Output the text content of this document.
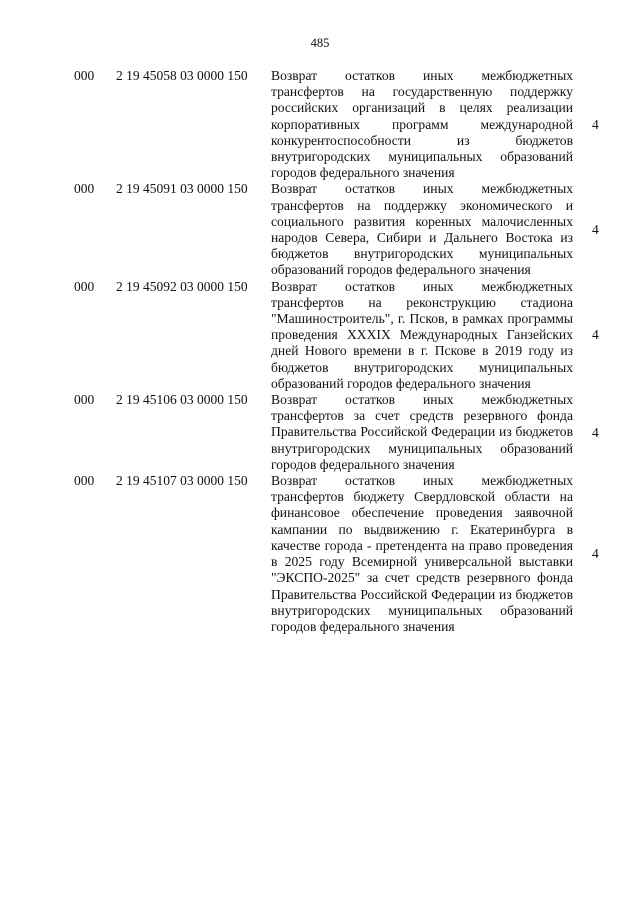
485
000 2 19 45058 03 0000 150 Возврат остатков иных межбюджетных трансфертов на государственную поддержку российских организаций в целях реализации корпоративных программ международной конкурентоспособности из бюджетов внутригородских муниципальных образований городов федерального значения
4
000 2 19 45091 03 0000 150 Возврат остатков иных межбюджетных трансфертов на поддержку экономического и социального развития коренных малочисленных народов Севера, Сибири и Дальнего Востока из бюджетов внутригородских муниципальных образований городов федерального значения
4
000 2 19 45092 03 0000 150 Возврат остатков иных межбюджетных трансфертов на реконструкцию стадиона "Машиностроитель", г. Псков, в рамках программы проведения XXXIX Международных Ганзейских дней Нового времени в г. Пскове в 2019 году из бюджетов внутригородских муниципальных образований городов федерального значения
4
000 2 19 45106 03 0000 150 Возврат остатков иных межбюджетных трансфертов за счет средств резервного фонда Правительства Российской Федерации из бюджетов внутригородских муниципальных образований городов федерального значения
4
000 2 19 45107 03 0000 150 Возврат остатков иных межбюджетных трансфертов бюджету Свердловской области на финансовое обеспечение проведения заявочной кампании по выдвижению г. Екатеринбурга в качестве города - претендента на право проведения в 2025 году Всемирной универсальной выставки "ЭКСПО-2025" за счет средств резервного фонда Правительства Российской Федерации из бюджетов внутригородских муниципальных образований городов федерального значения
4
